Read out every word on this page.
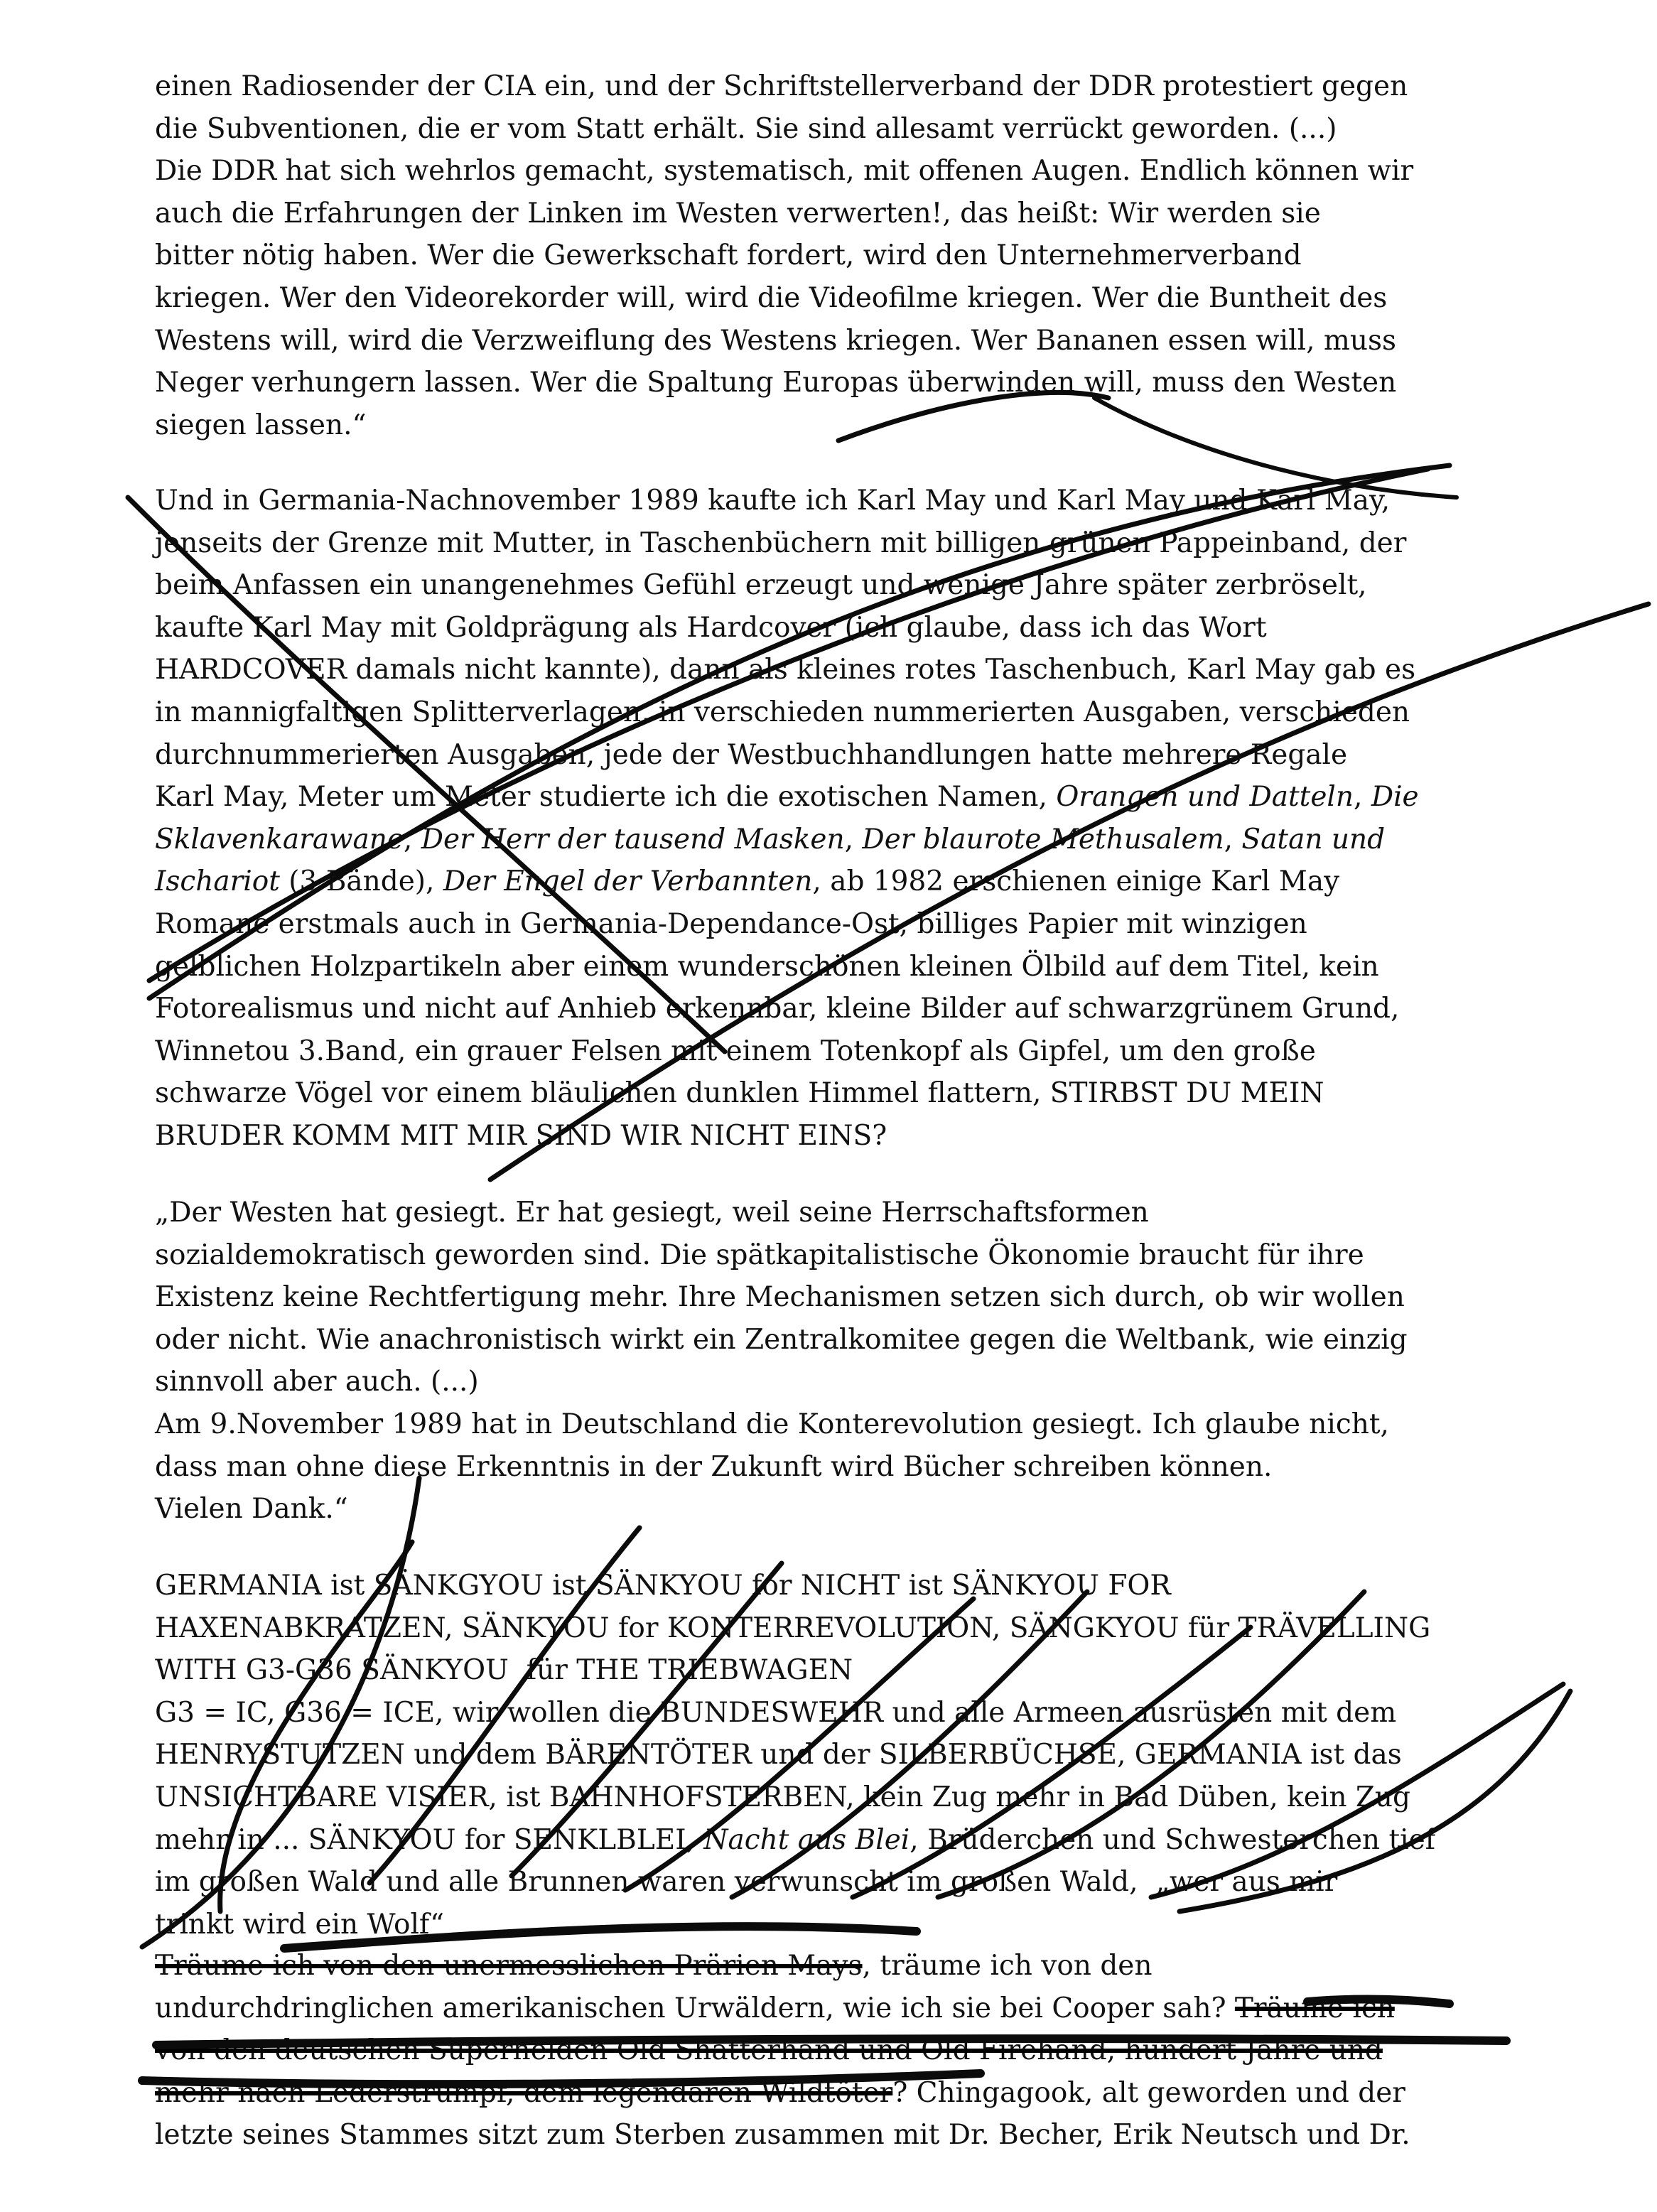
einen Radiosender der CIA ein, und der Schriftstellerverband der DDR protestiert gegen
die Subventionen, die er vom Statt erhält. Sie sind allesamt verrückt geworden. (...)
Die DDR hat sich wehrlos gemacht, systematisch, mit offenen Augen. Endlich können wir
auch die Erfahrungen der Linken im Westen verwerten!, das heißt: Wir werden sie
bitter nötig haben. Wer die Gewerkschaft fordert, wird den Unternehmerverband
kriegen. Wer den Videorekorder will, wird die Videofilme kriegen. Wer die Buntheit des
Westens will, wird die Verzweiflung des Westens kriegen. Wer Bananen essen will, muss
Neger verhungern lassen. Wer die Spaltung Europas überwinden will, muss den Westen
siegen lassen.“
Und in Germania-Nachnovember 1989 kaufte ich Karl May und Karl May und Karl May,
jenseits der Grenze mit Mutter, in Taschenbüchern mit billigen grünen Pappeinband, der
beim Anfassen ein unangenehmes Gefühl erzeugt und wenige Jahre später zerbröselt,
kaufte Karl May mit Goldprägung als Hardcover (ich glaube, dass ich das Wort
HARDCOVER damals nicht kannte), dann als kleines rotes Taschenbuch, Karl May gab es
in mannigfaltigen Splitterverlagen, in verschieden nummerierten Ausgaben, verschieden
durchnummerierten Ausgaben, jede der Westbuchhandlungen hatte mehrere Regale
Karl May, Meter um Meter studierte ich die exotischen Namen, Orangen und Datteln, Die
Sklavenkarawane, Der Herr der tausend Masken, Der blaurote Methusalem, Satan und
Ischariot (3 Bände), Der Engel der Verbannten, ab 1982 erschienen einige Karl May
Romane erstmals auch in Germania-Dependance-Ost, billiges Papier mit winzigen
gelblichen Holzpartikeln aber einem wunderschönen kleinen Ölbild auf dem Titel, kein
Fotorealismus und nicht auf Anhieb erkennbar, kleine Bilder auf schwarzgrünem Grund,
Winnetou 3.Band, ein grauer Felsen mit einem Totenkopf als Gipfel, um den große
schwarze Vögel vor einem bläulichen dunklen Himmel flattern, STIRBST DU MEIN
BRUDER KOMM MIT MIR SIND WIR NICHT EINS?
„Der Westen hat gesiegt. Er hat gesiegt, weil seine Herrschaftsformen
sozialdemokratisch geworden sind. Die spätkapitalistische Ökonomie braucht für ihre
Existenz keine Rechtfertigung mehr. Ihre Mechanismen setzen sich durch, ob wir wollen
oder nicht. Wie anachronistisch wirkt ein Zentralkomitee gegen die Weltbank, wie einzig
sinnvoll aber auch. (...)
Am 9.November 1989 hat in Deutschland die Konterevolution gesiegt. Ich glaube nicht,
dass man ohne diese Erkenntnis in der Zukunft wird Bücher schreiben können.
Vielen Dank.“
GERMANIA ist SÄNKGYOU ist SÄNKYOU for NICHT ist SÄNKYOU FOR
HAXENABKRATZEN, SÄNKYOU for KONTERREVOLUTION, SÄNGKYOU für TRÄVELLING
WITH G3-G36 SÄNKYOU  für THE TRIEBWAGEN
G3 = IC, G36 = ICE, wir wollen die BUNDESWEHR und alle Armeen ausrüsten mit dem
HENRYSTUTZEN und dem BÄRENTÖTER und der SILBERBÜCHSE, GERMANIA ist das
UNSICHTBARE VISIER, ist BAHNHOFSTERBEN, kein Zug mehr in Bad Düben, kein Zug
mehr in ... SÄNKYOU for SENKLBLEI, Nacht aus Blei, Brüderchen und Schwesterchen tief
im großen Wald und alle Brunnen waren verwunscht im großen Wald,  „wer aus mir
trinkt wird ein Wolf“
Träume ich von den unermesslichen Prärien Mays, träume ich von den
undurchdringlichen amerikanischen Urwäldern, wie ich sie bei Cooper sah? Träume ich
von den deutschen Superhelden Old Shatterhand und Old Firehand, hundert Jahre und
mehr nach Lederstrumpf, dem legendären Wildtöter? Chingagook, alt geworden und der
letzte seines Stammes sitzt zum Sterben zusammen mit Dr. Becher, Erik Neutsch und Dr.
